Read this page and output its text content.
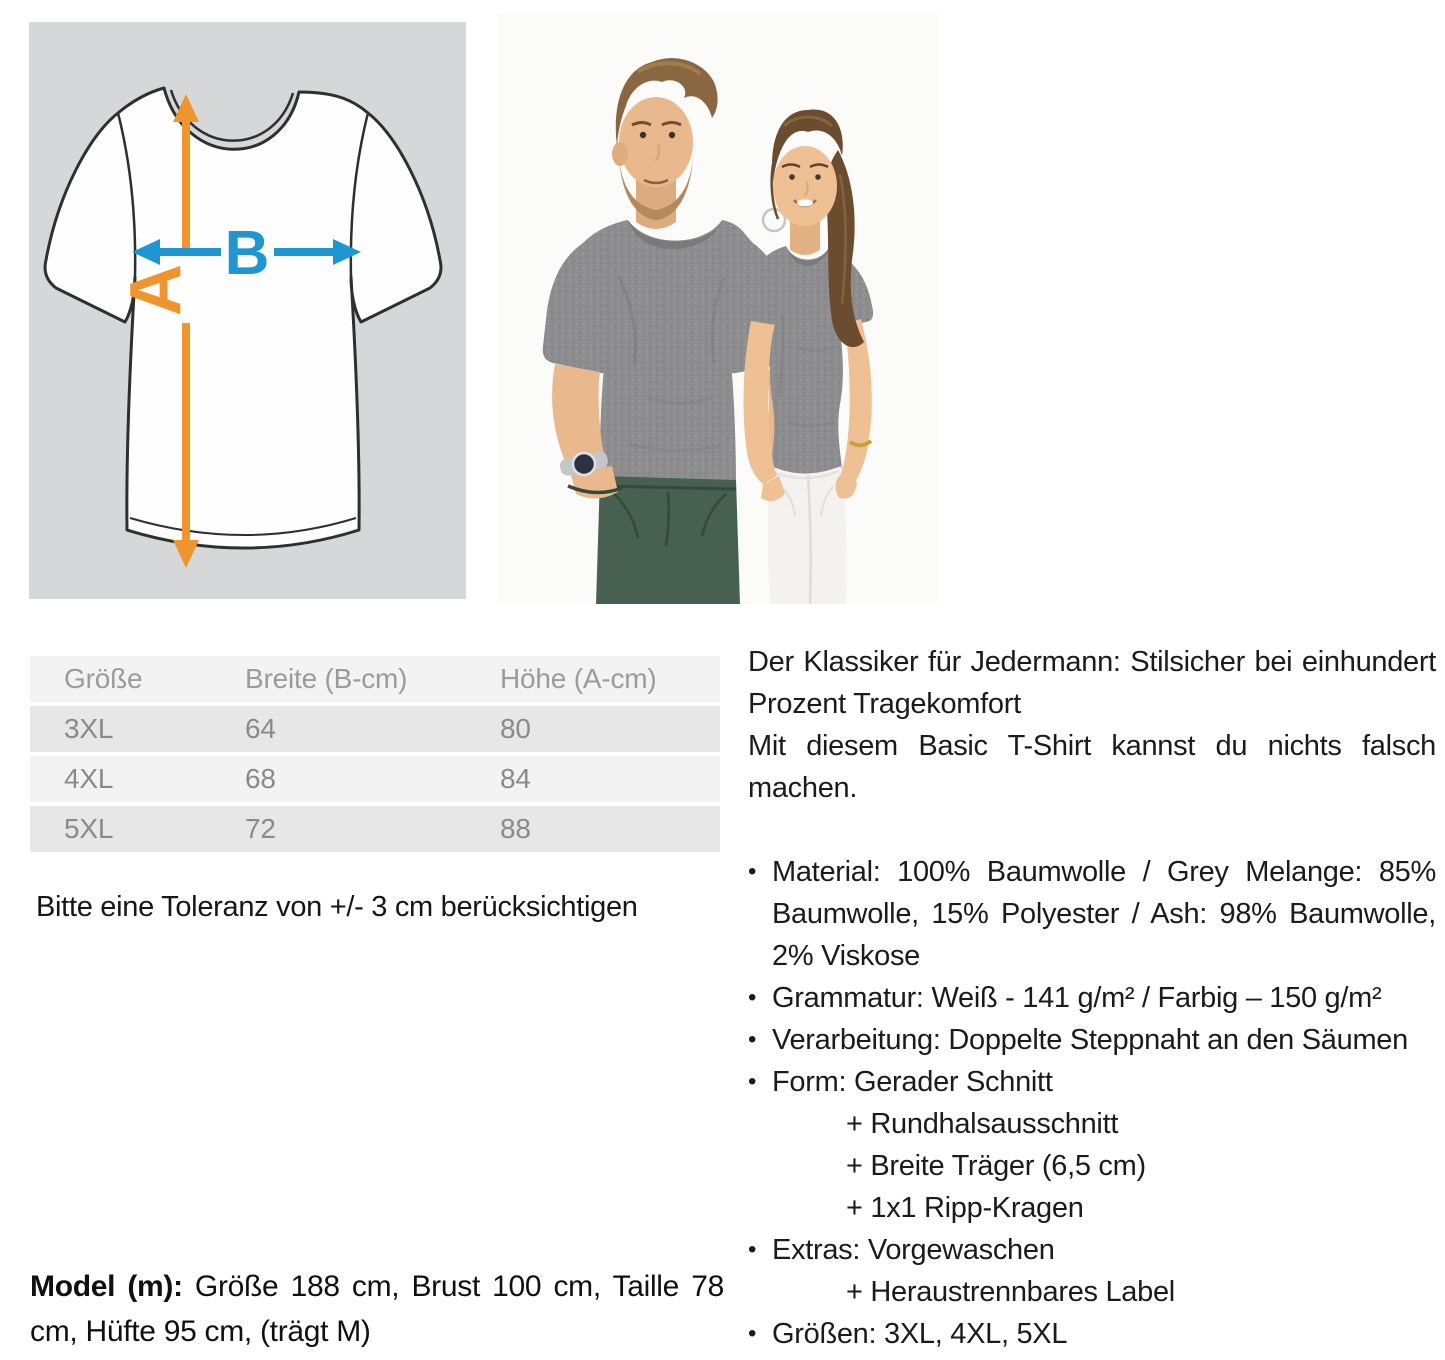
A
B
Größe	Breite (B-cm)	Höhe (A-cm)
3XL	64	80
4XL	68	84
5XL	72	88
Bitte eine Toleranz von +/- 3 cm berücksichtigen
Model (m): Größe 188 cm, Brust 100 cm, Taille 78 cm, Hüfte 95 cm, (trägt M)

Der Klassiker für Jedermann: Stilsicher bei einhundert Prozent Tragekomfort

Mit diesem Basic T-Shirt kannst du nichts falsch machen.

• Material: 100% Baumwolle / Grey Melange: 85% Baumwolle, 15% Polyester / Ash: 98% Baumwolle, 2% Viskose
• Grammatur: Weiß - 141 g/m² / Farbig – 150 g/m²
• Verarbeitung: Doppelte Steppnaht an den Säumen
• Form: Gerader Schnitt
+ Rundhalsausschnitt
+ Breite Träger (6,5 cm)
+ 1x1 Ripp-Kragen
• Extras: Vorgewaschen
+ Heraustrennbares Label
• Größen: 3XL, 4XL, 5XL
